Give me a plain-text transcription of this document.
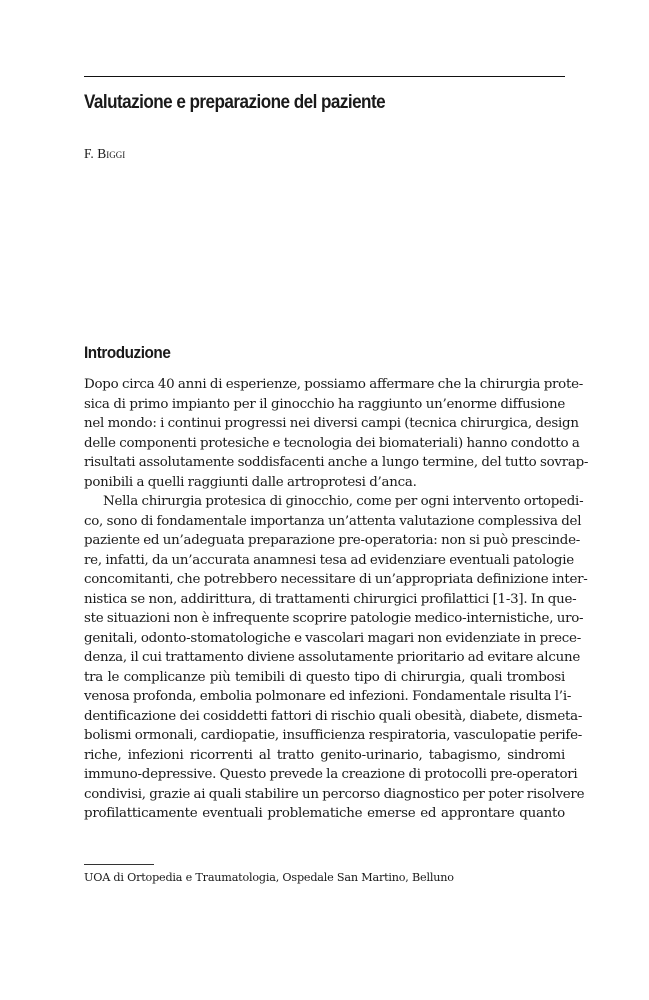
Valutazione e preparazione del paziente

F. Biggi

Introduzione
Dopo circa 40 anni di esperienze, possiamo affermare che la chirurgia prote-
sica di primo impianto per il ginocchio ha raggiunto un’enorme diffusione
nel mondo: i continui progressi nei diversi campi (tecnica chirurgica, design
delle componenti protesiche e tecnologia dei biomateriali) hanno condotto a
risultati assolutamente soddisfacenti anche a lungo termine, del tutto sovrap-
ponibili a quelli raggiunti dalle artroprotesi d’anca.
Nella chirurgia protesica di ginocchio, come per ogni intervento ortopedi-
co, sono di fondamentale importanza un’attenta valutazione complessiva del
paziente ed un’adeguata preparazione pre-operatoria: non si può prescinde-
re, infatti, da un’accurata anamnesi tesa ad evidenziare eventuali patologie
concomitanti, che potrebbero necessitare di un’appropriata definizione inter-
nistica se non, addirittura, di trattamenti chirurgici profilattici [1-3]. In que-
ste situazioni non è infrequente scoprire patologie medico-internistiche, uro-
genitali, odonto-stomatologiche e vascolari magari non evidenziate in prece-
denza, il cui trattamento diviene assolutamente prioritario ad evitare alcune
tra le complicanze più temibili di questo tipo di chirurgia, quali trombosi
venosa profonda, embolia polmonare ed infezioni. Fondamentale risulta l’i-
dentificazione dei cosiddetti fattori di rischio quali obesità, diabete, dismeta-
bolismi ormonali, cardiopatie, insufficienza respiratoria, vasculopatie perife-
riche, infezioni ricorrenti al tratto genito-urinario, tabagismo, sindromi
immuno-depressive. Questo prevede la creazione di protocolli pre-operatori
condivisi, grazie ai quali stabilire un percorso diagnostico per poter risolvere
profilatticamente eventuali problematiche emerse ed approntare quanto

UOA di Ortopedia e Traumatologia, Ospedale San Martino, Belluno
